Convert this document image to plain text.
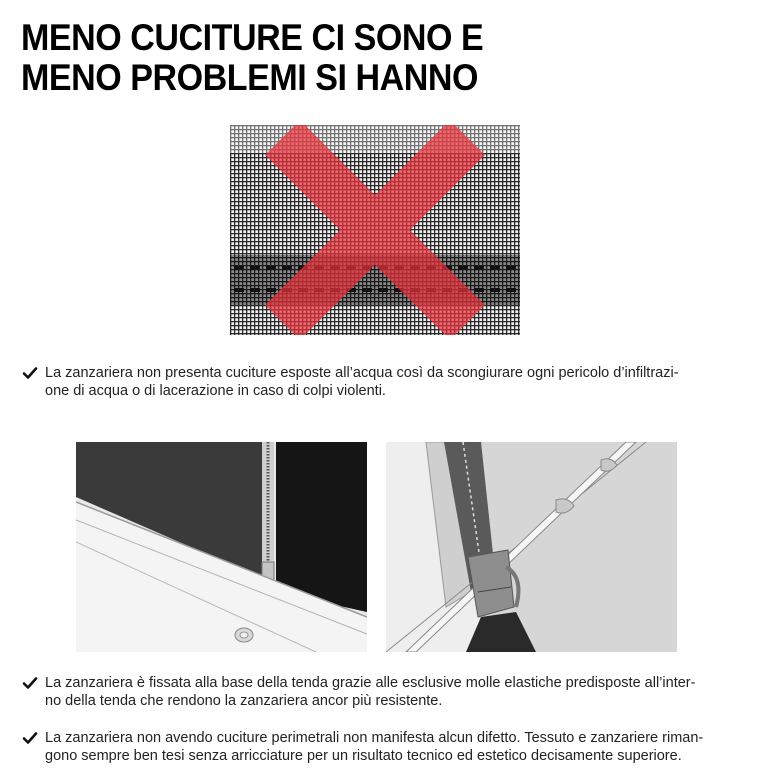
MENO CUCITURE CI SONO E
MENO PROBLEMI SI HANNO

La zanzariera non presenta cuciture esposte all’acqua così da scongiurare ogni pericolo d’infiltrazi-
one di acqua o di lacerazione in caso di colpi violenti.

La zanzariera è fissata alla base della tenda grazie alle esclusive molle elastiche predisposte all’inter-
no della tenda che rendono la zanzariera ancor più resistente.

La zanzariera non avendo cuciture perimetrali non manifesta alcun difetto. Tessuto e zanzariere riman-
gono sempre ben tesi senza arricciature per un risultato tecnico ed estetico decisamente superiore.
